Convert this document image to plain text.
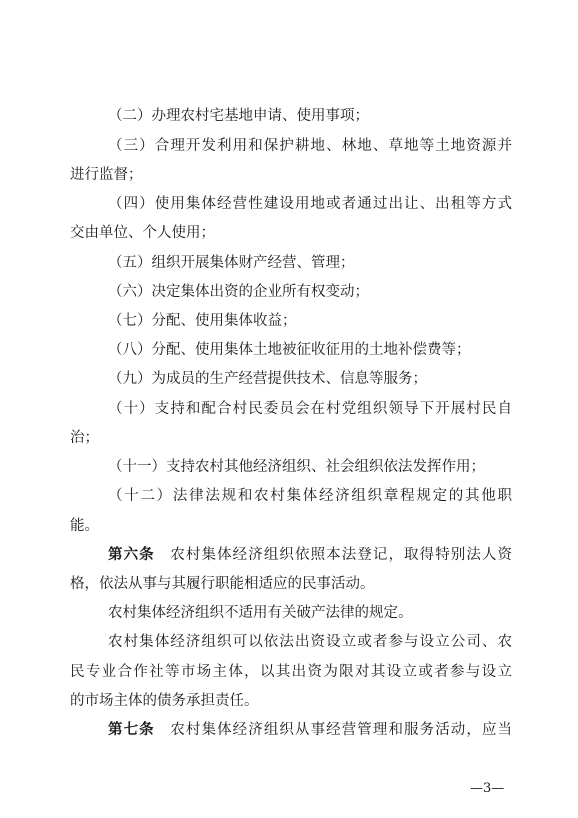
（二）办理农村宅基地申请、使用事项；
（三）合理开发利用和保护耕地、林地、草地等土地资源并
进行监督；
（四）使用集体经营性建设用地或者通过出让、出租等方式
交由单位、个人使用；
（五）组织开展集体财产经营、管理；
（六）决定集体出资的企业所有权变动；
（七）分配、使用集体收益；
（八）分配、使用集体土地被征收征用的土地补偿费等；
（九）为成员的生产经营提供技术、信息等服务；
（十）支持和配合村民委员会在村党组织领导下开展村民自
治；
（十一）支持农村其他经济组织、社会组织依法发挥作用；
（十二）法律法规和农村集体经济组织章程规定的其他职
能。
第六条　 农村集体经济组织依照本法登记，取得特别法人资
格，依法从事与其履行职能相适应的民事活动。
农村集体经济组织不适用有关破产法律的规定。
农村集体经济组织可以依法出资设立或者参与设立公司、农
民专业合作社等市场主体，以其出资为限对其设立或者参与设立
的市场主体的债务承担责任。
第七条　 农村集体经济组织从事经营管理和服务活动，应当
—3—
